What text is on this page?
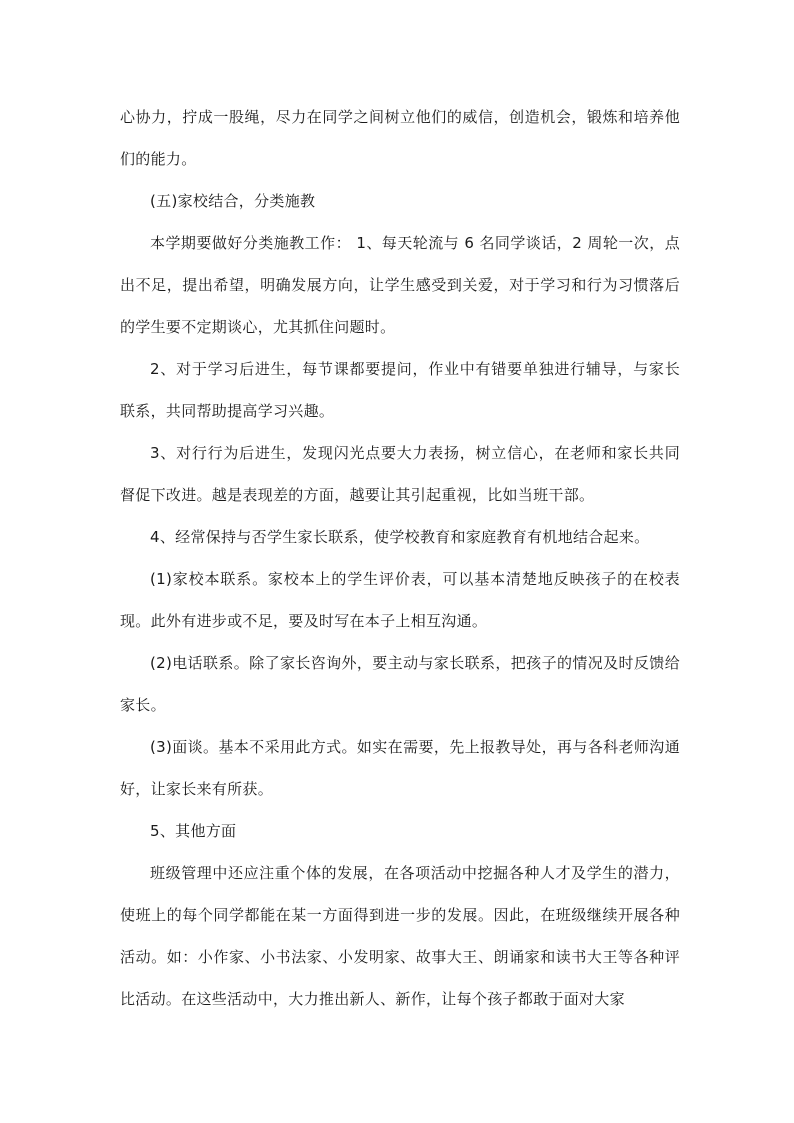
心协力，拧成一股绳，尽力在同学之间树立他们的威信，创造机会，锻炼和培养他们的能力。

(五)家校结合，分类施教

本学期要做好分类施教工作： 1、每天轮流与 6 名同学谈话，2 周轮一次，点出不足，提出希望，明确发展方向，让学生感受到关爱，对于学习和行为习惯落后的学生要不定期谈心，尤其抓住问题时。

2、对于学习后进生，每节课都要提问，作业中有错要单独进行辅导，与家长联系，共同帮助提高学习兴趣。

3、对行行为后进生，发现闪光点要大力表扬，树立信心，在老师和家长共同督促下改进。越是表现差的方面，越要让其引起重视，比如当班干部。

4、经常保持与否学生家长联系，使学校教育和家庭教育有机地结合起来。

(1)家校本联系。家校本上的学生评价表，可以基本清楚地反映孩子的在校表现。此外有进步或不足，要及时写在本子上相互沟通。

(2)电话联系。除了家长咨询外，要主动与家长联系，把孩子的情况及时反馈给家长。

(3)面谈。基本不采用此方式。如实在需要，先上报教导处，再与各科老师沟通好，让家长来有所获。

5、其他方面

班级管理中还应注重个体的发展，在各项活动中挖掘各种人才及学生的潜力，使班上的每个同学都能在某一方面得到进一步的发展。因此，在班级继续开展各种活动。如：小作家、小书法家、小发明家、故事大王、朗诵家和读书大王等各种评比活动。在这些活动中，大力推出新人、新作，让每个孩子都敢于面对大家
